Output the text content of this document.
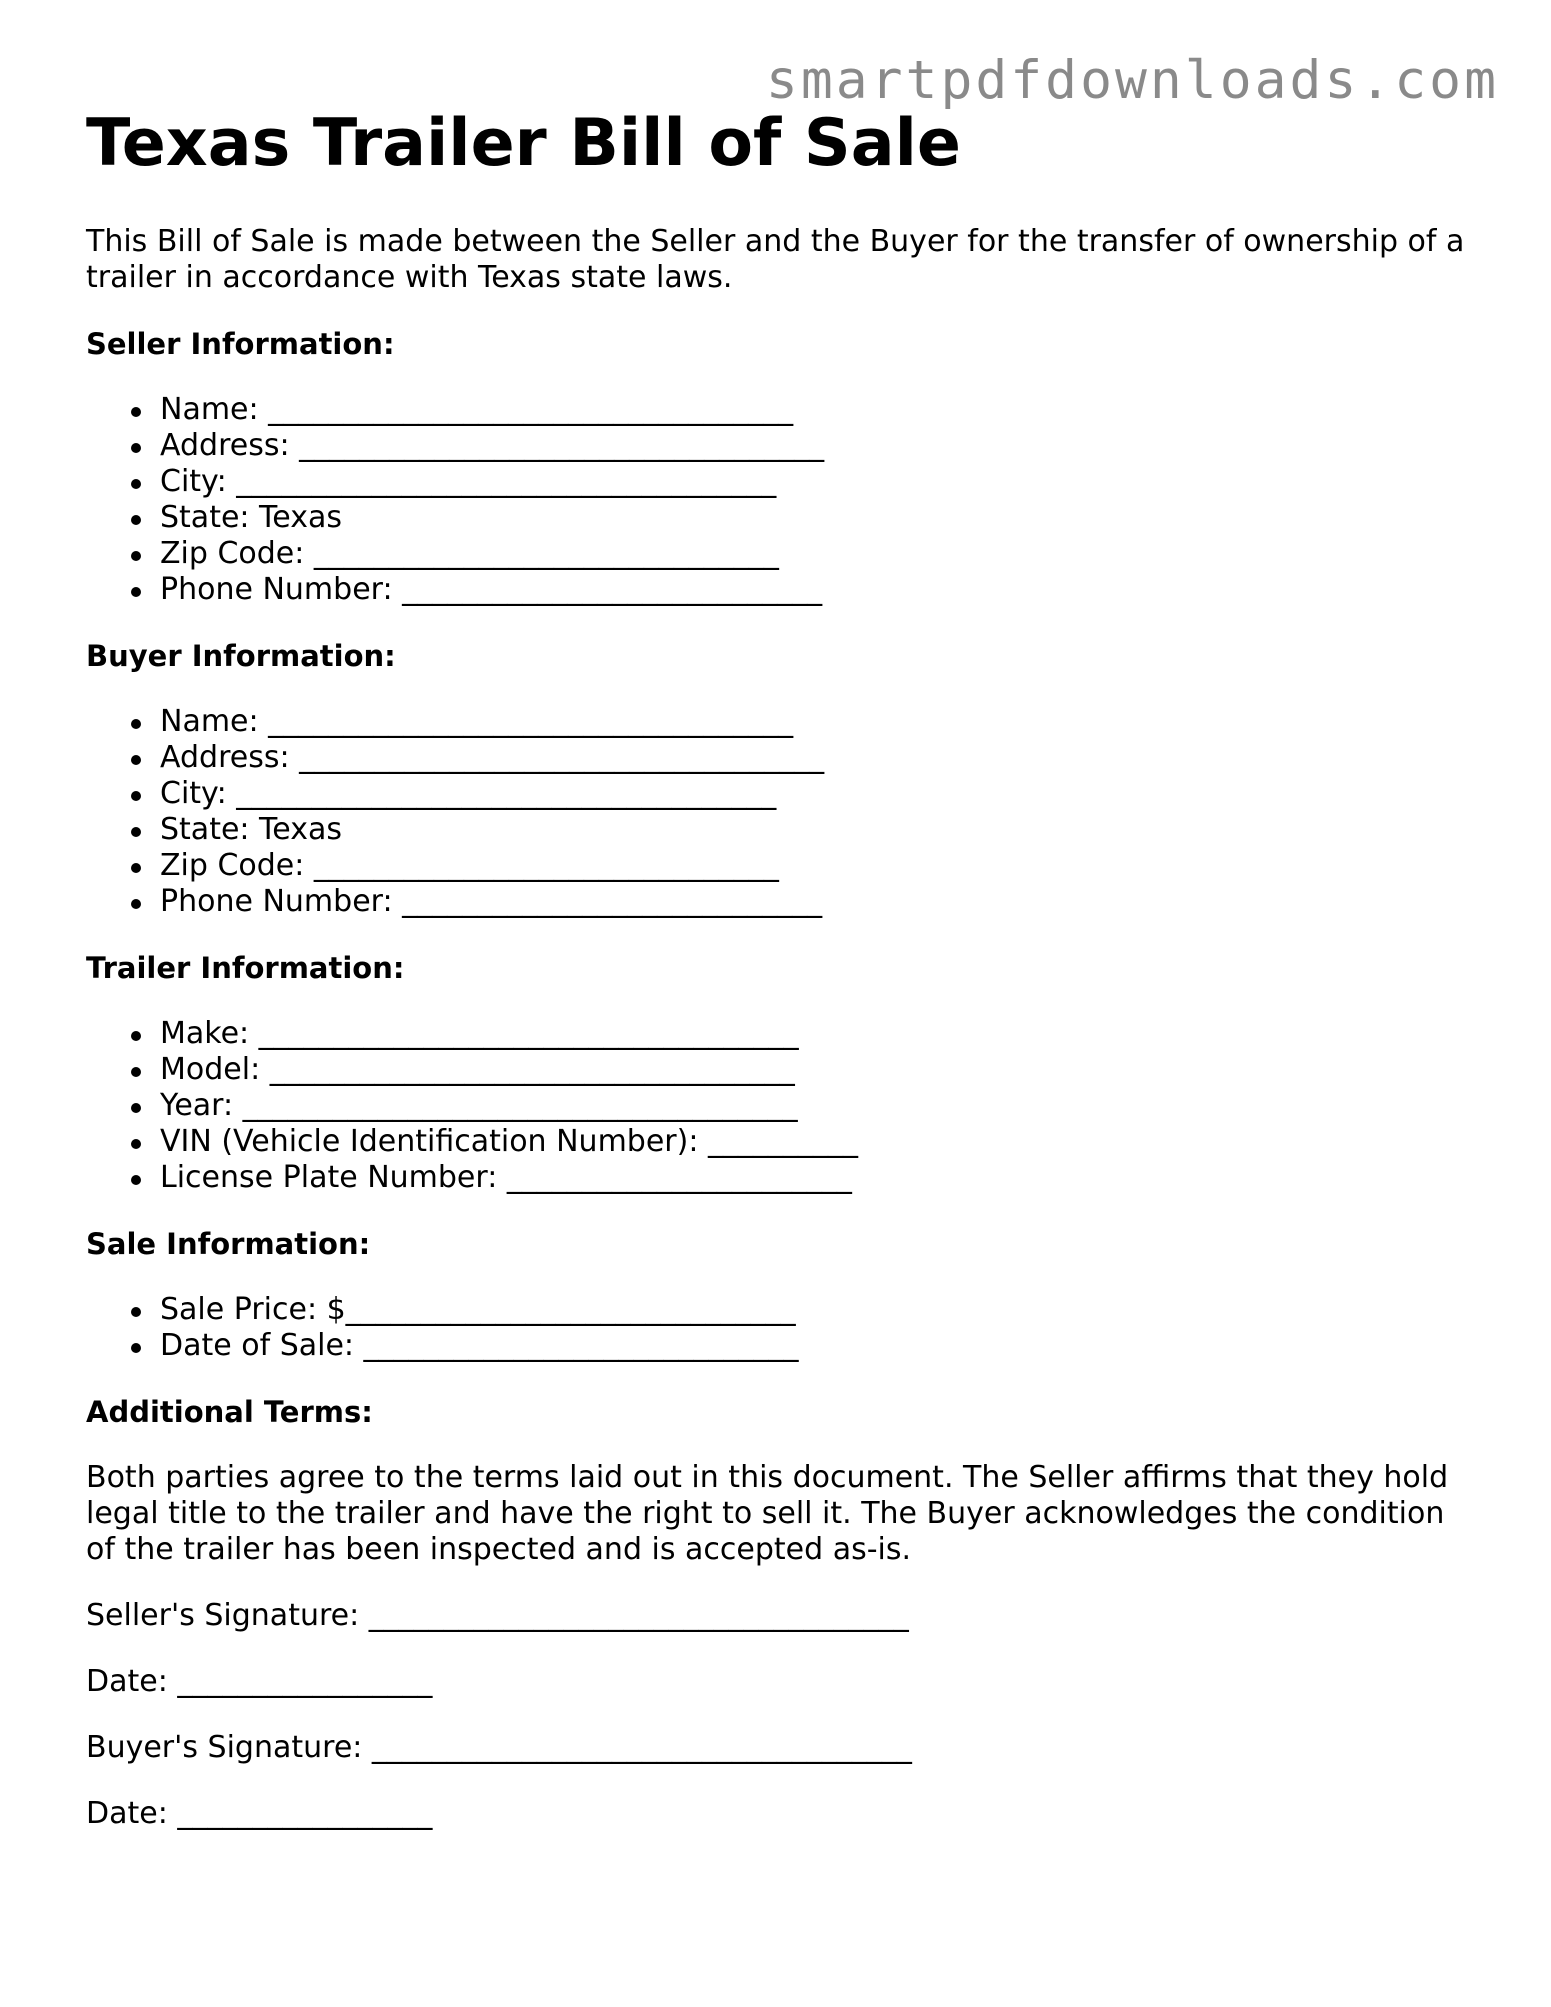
smartpdfdownloads.com
Texas Trailer Bill of Sale

This Bill of Sale is made between the Seller and the Buyer for the transfer of ownership of a trailer in accordance with Texas state laws.

Seller Information:
Name: ___________________________________
Address: ___________________________________
City: ____________________________________
State: Texas
Zip Code: _______________________________
Phone Number: ____________________________
Buyer Information:
Name: ___________________________________
Address: ___________________________________
City: ____________________________________
State: Texas
Zip Code: _______________________________
Phone Number: ____________________________
Trailer Information:
Make: ____________________________________
Model: ___________________________________
Year: _____________________________________
VIN (Vehicle Identification Number): __________
License Plate Number: _______________________
Sale Information:
Sale Price: $______________________________
Date of Sale: _____________________________
Additional Terms:

Both parties agree to the terms laid out in this document. The Seller affirms that they hold legal title to the trailer and have the right to sell it. The Buyer acknowledges the condition of the trailer has been inspected and is accepted as-is.

Seller's Signature: ____________________________________

Date: _________________

Buyer's Signature: ____________________________________

Date: _________________
